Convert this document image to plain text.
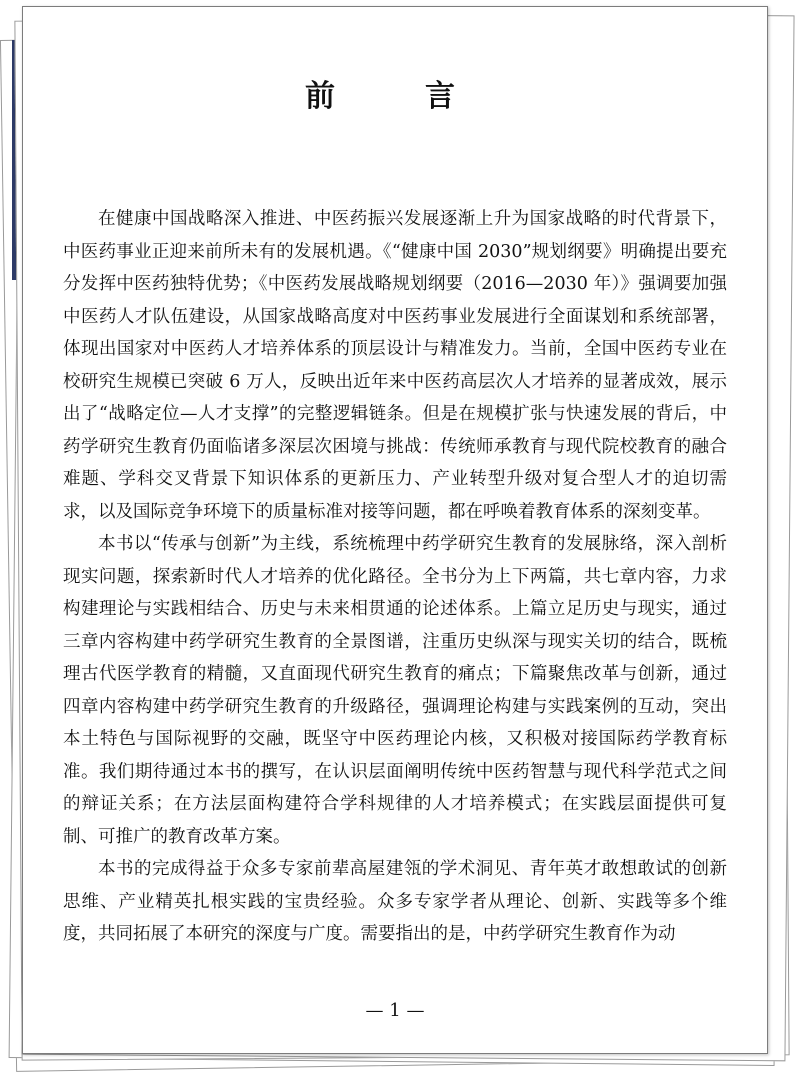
前　言

在健康中国战略深入推进、中医药振兴发展逐渐上升为国家战略的时代背景下，中医药事业正迎来前所未有的发展机遇。《“健康中国 2030”规划纲要》明确提出要充分发挥中医药独特优势；《中医药发展战略规划纲要（2016—2030 年）》强调要加强中医药人才队伍建设，从国家战略高度对中医药事业发展进行全面谋划和系统部署，体现出国家对中医药人才培养体系的顶层设计与精准发力。当前，全国中医药专业在校研究生规模已突破 6 万人，反映出近年来中医药高层次人才培养的显著成效，展示出了“战略定位—人才支撑”的完整逻辑链条。但是在规模扩张与快速发展的背后，中药学研究生教育仍面临诸多深层次困境与挑战：传统师承教育与现代院校教育的融合难题、学科交叉背景下知识体系的更新压力、产业转型升级对复合型人才的迫切需求，以及国际竞争环境下的质量标准对接等问题，都在呼唤着教育体系的深刻变革。

本书以“传承与创新”为主线，系统梳理中药学研究生教育的发展脉络，深入剖析现实问题，探索新时代人才培养的优化路径。全书分为上下两篇，共七章内容，力求构建理论与实践相结合、历史与未来相贯通的论述体系。上篇立足历史与现实，通过三章内容构建中药学研究生教育的全景图谱，注重历史纵深与现实关切的结合，既梳理古代医学教育的精髓，又直面现代研究生教育的痛点；下篇聚焦改革与创新，通过四章内容构建中药学研究生教育的升级路径，强调理论构建与实践案例的互动，突出本土特色与国际视野的交融，既坚守中医药理论内核，又积极对接国际药学教育标准。我们期待通过本书的撰写，在认识层面阐明传统中医药智慧与现代科学范式之间的辩证关系；在方法层面构建符合学科规律的人才培养模式；在实践层面提供可复制、可推广的教育改革方案。

本书的完成得益于众多专家前辈高屋建瓴的学术洞见、青年英才敢想敢试的创新思维、产业精英扎根实践的宝贵经验。众多专家学者从理论、创新、实践等多个维度，共同拓展了本研究的深度与广度。需要指出的是，中药学研究生教育作为动

— 1 —
